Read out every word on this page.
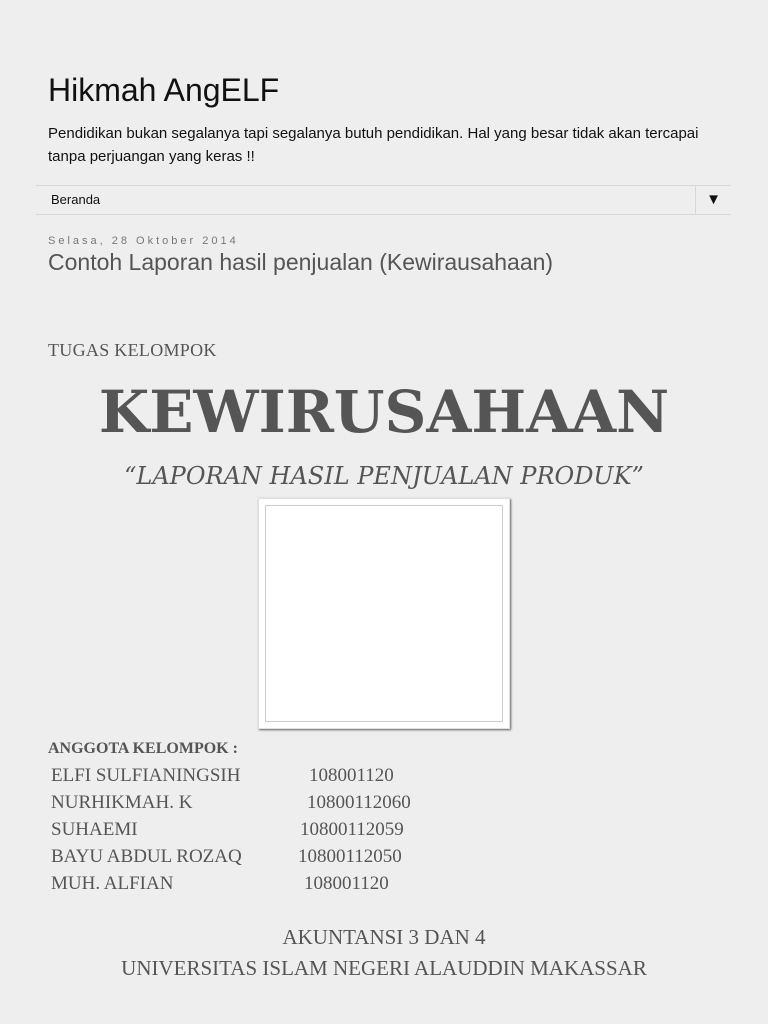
Hikmah AngELF
Pendidikan bukan segalanya tapi segalanya butuh pendidikan. Hal yang besar tidak akan tercapai tanpa perjuangan yang keras !!
Beranda	▼
Selasa, 28 Oktober 2014
Contoh Laporan hasil penjualan (Kewirausahaan)
TUGAS KELOMPOK
KEWIRUSAHAAN
“LAPORAN HASIL PENJUALAN PRODUK”
ANGGOTA KELOMPOK :
ELFI SULFIANINGSIH	108001120
NURHIKMAH. K	10800112060
SUHAEMI	10800112059
BAYU ABDUL ROZAQ	10800112050
MUH. ALFIAN	108001120
AKUNTANSI 3 DAN 4
UNIVERSITAS ISLAM NEGERI ALAUDDIN MAKASSAR
